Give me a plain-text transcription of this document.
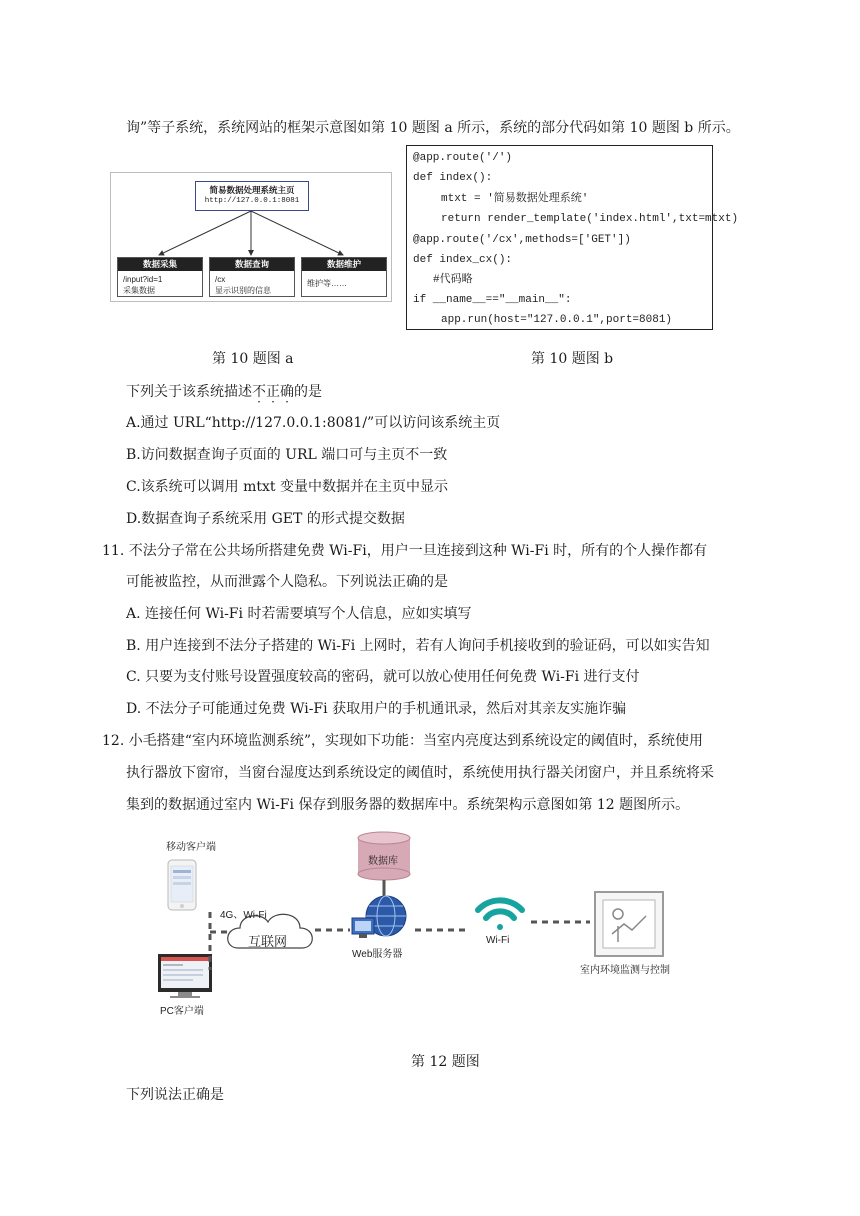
询”等子系统，系统网站的框架示意图如第 10 题图 a 所示，系统的部分代码如第 10 题图 b 所示。
简易数据处理系统主页
http://127.0.0.1:8081
数据采集
/input?id=1
采集数据
数据查询
/cx
显示识别的信息
数据维护
维护等……
@app.route('/')
def index():
mtxt = '简易数据处理系统'
return render_template('index.html',txt=mtxt)
@app.route('/cx',methods=['GET'])
def index_cx():
#代码略
if __name__=="__main__":
app.run(host="127.0.0.1",port=8081)
第 10 题图 a	第 10 题图 b
下列关于该系统描述不正确的是
A.通过 URL“http://127.0.0.1:8081/”可以访问该系统主页
B.访问数据查询子页面的 URL 端口可与主页不一致
C.该系统可以调用 mtxt 变量中数据并在主页中显示
D.数据查询子系统采用 GET 的形式提交数据
11. 不法分子常在公共场所搭建免费 Wi-Fi，用户一旦连接到这种 Wi-Fi 时，所有的个人操作都有
可能被监控，从而泄露个人隐私。下列说法正确的是
A. 连接任何 Wi-Fi 时若需要填写个人信息，应如实填写
B. 用户连接到不法分子搭建的 Wi-Fi 上网时，若有人询问手机接收到的验证码，可以如实告知
C. 只要为支付账号设置强度较高的密码，就可以放心使用任何免费 Wi-Fi 进行支付
D. 不法分子可能通过免费 Wi-Fi 获取用户的手机通讯录，然后对其亲友实施诈骗
12. 小毛搭建“室内环境监测系统”，实现如下功能：当室内亮度达到系统设定的阈值时，系统使用
执行器放下窗帘，当窗台湿度达到系统设定的阈值时，系统使用执行器关闭窗户，并且系统将采
集到的数据通过室内 Wi-Fi 保存到服务器的数据库中。系统架构示意图如第 12 题图所示。
移动客户端
4G、Wi-Fi
互联网
PC客户端
数据库
Web服务器
Wi-Fi
室内环境监测与控制
第 12 题图
下列说法正确是
